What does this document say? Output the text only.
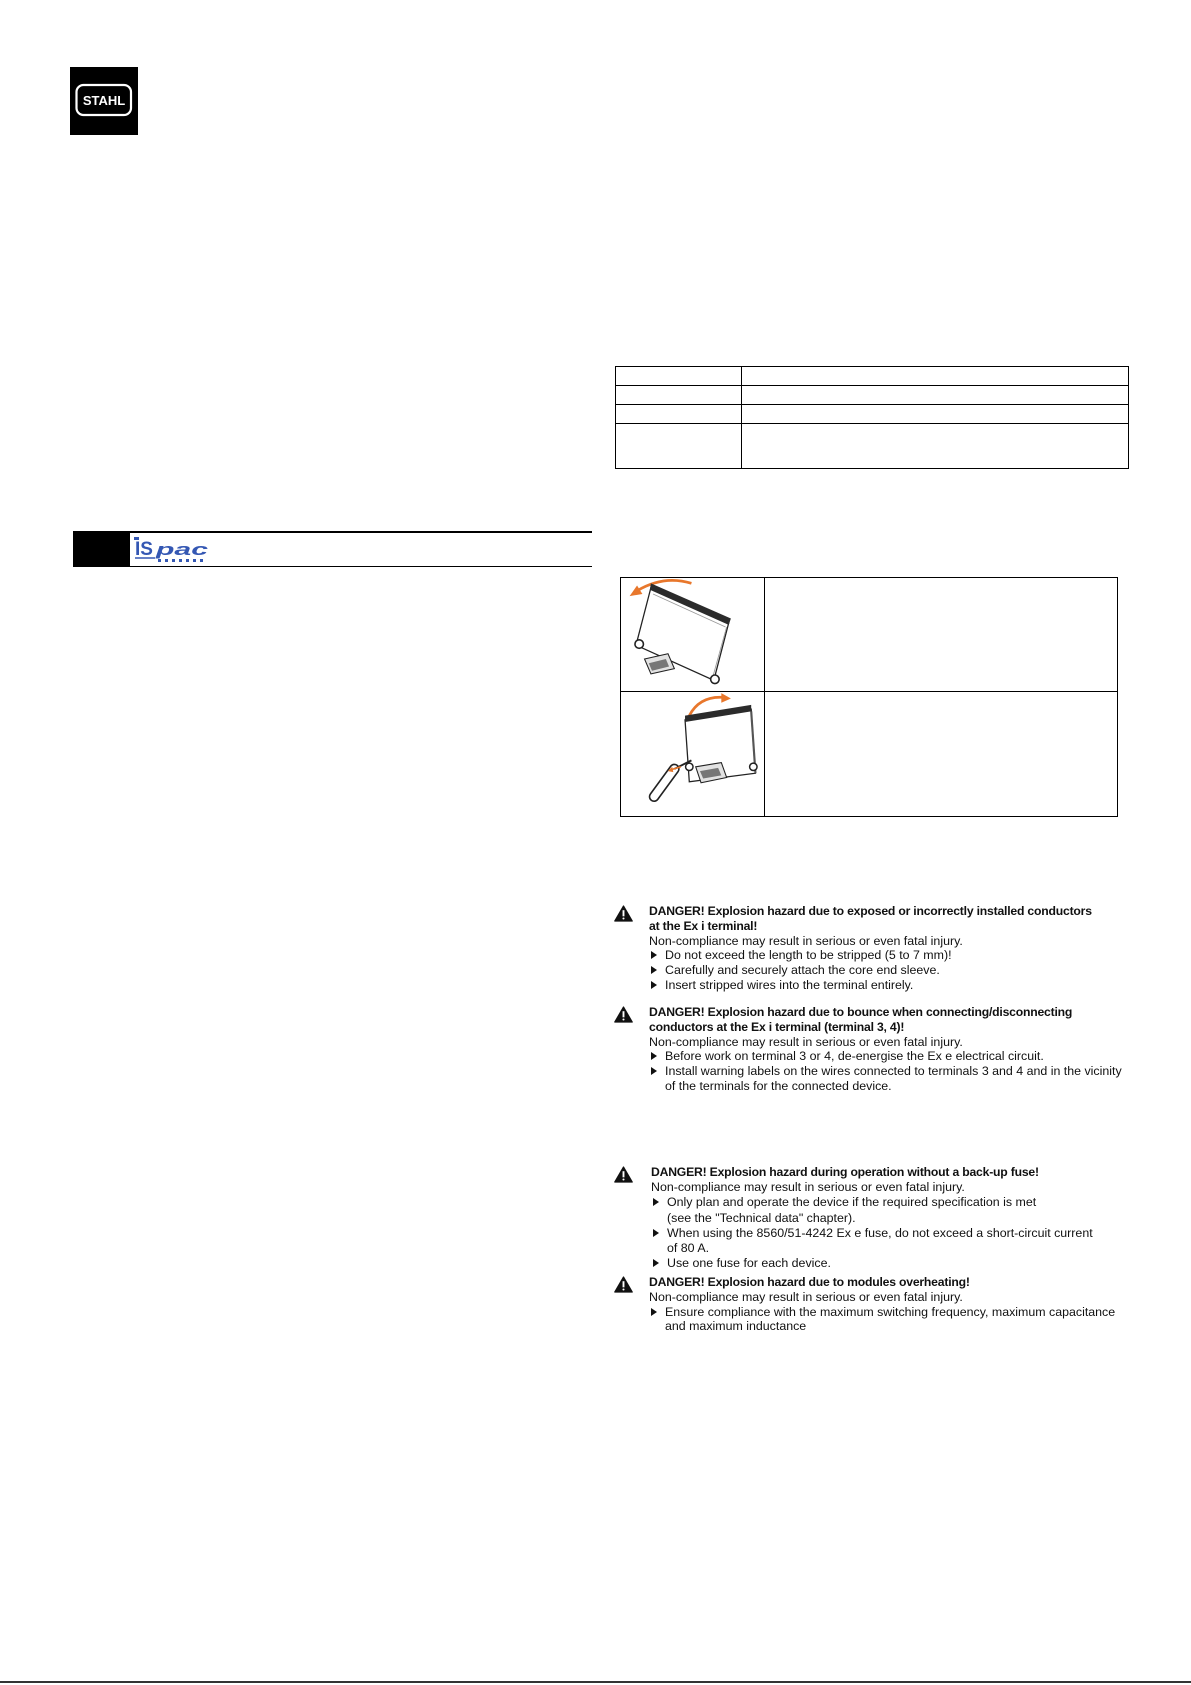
STAHL

IS pac

DANGER! Explosion hazard due to exposed or incorrectly installed conductors
at the Ex i terminal!
Non-compliance may result in serious or even fatal injury.
Do not exceed the length to be stripped (5 to 7 mm)!
Carefully and securely attach the core end sleeve.
Insert stripped wires into the terminal entirely.
DANGER! Explosion hazard due to bounce when connecting/disconnecting
conductors at the Ex i terminal (terminal 3, 4)!
Non-compliance may result in serious or even fatal injury.
Before work on terminal 3 or 4, de-energise the Ex e electrical circuit.
Install warning labels on the wires connected to terminals 3 and 4 and in the vicinity
of the terminals for the connected device.
DANGER! Explosion hazard during operation without a back-up fuse!
Non-compliance may result in serious or even fatal injury.
Only plan and operate the device if the required specification is met
(see the "Technical data" chapter).
When using the 8560/51-4242 Ex e fuse, do not exceed a short-circuit current
of 80 A.
Use one fuse for each device.
DANGER! Explosion hazard due to modules overheating!
Non-compliance may result in serious or even fatal injury.
Ensure compliance with the maximum switching frequency, maximum capacitance
and maximum inductance
